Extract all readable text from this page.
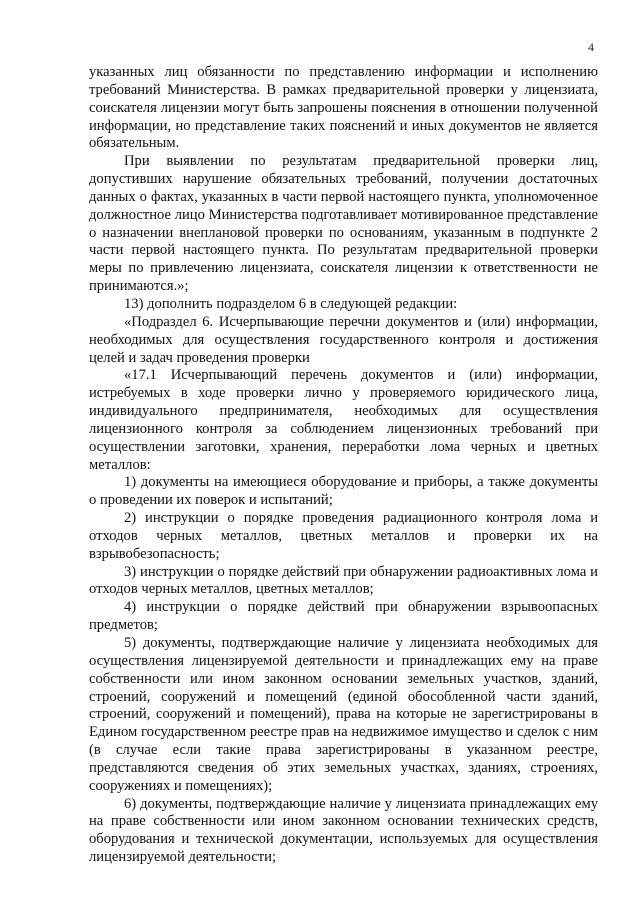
4

указанных лиц обязанности по представлению информации и исполнению требований Министерства. В рамках предварительной проверки у лицензиата, соискателя лицензии могут быть запрошены пояснения в отношении полученной информации, но представление таких пояснений и иных документов не является обязательным.

При выявлении по результатам предварительной проверки лиц, допустивших нарушение обязательных требований, получении достаточных данных о фактах, указанных в части первой настоящего пункта, уполномоченное должностное лицо Министерства подготавливает мотивированное представление о назначении внеплановой проверки по основаниям, указанным в подпункте 2 части первой настоящего пункта. По результатам предварительной проверки меры по привлечению лицензиата, соискателя лицензии к ответственности не принимаются.»;

13) дополнить подразделом 6 в следующей редакции:

«Подраздел 6. Исчерпывающие перечни документов и (или) информации, необходимых для осуществления государственного контроля и достижения целей и задач проведения проверки

«17.1 Исчерпывающий перечень документов и (или) информации, истребуемых в ходе проверки лично у проверяемого юридического лица, индивидуального предпринимателя, необходимых для осуществления лицензионного контроля за соблюдением лицензионных требований при осуществлении заготовки, хранения, переработки лома черных и цветных металлов:

1) документы на имеющиеся оборудование и приборы, а также документы о проведении их поверок и испытаний;

2) инструкции о порядке проведения радиационного контроля лома и отходов черных металлов, цветных металлов и проверки их на взрывобезопасность;

3) инструкции о порядке действий при обнаружении радиоактивных лома и отходов черных металлов, цветных металлов;

4) инструкции о порядке действий при обнаружении взрывоопасных предметов;

5) документы, подтверждающие наличие у лицензиата необходимых для осуществления лицензируемой деятельности и принадлежащих ему на праве собственности или ином законном основании земельных участков, зданий, строений, сооружений и помещений (единой обособленной части зданий, строений, сооружений и помещений), права на которые не зарегистрированы в Едином государственном реестре прав на недвижимое имущество и сделок с ним (в случае если такие права зарегистрированы в указанном реестре, представляются сведения об этих земельных участках, зданиях, строениях, сооружениях и помещениях);

6) документы, подтверждающие наличие у лицензиата принадлежащих ему на праве собственности или ином законном основании технических средств, оборудования и технической документации, используемых для осуществления лицензируемой деятельности;
